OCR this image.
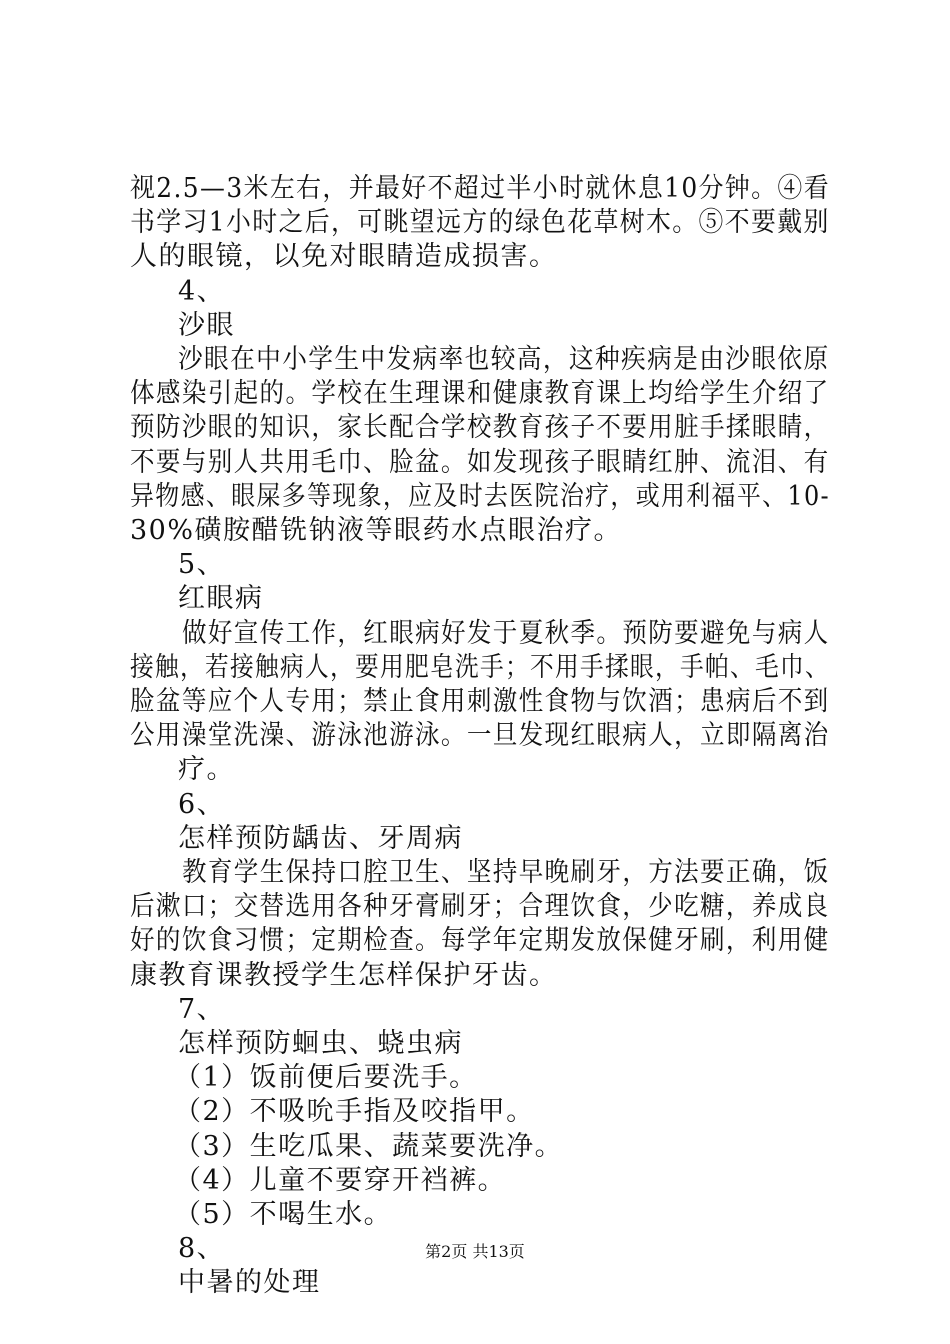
视2.5—3米左右，并最好不超过半小时就休息10分钟。④看
书学习1小时之后，可眺望远方的绿色花草树木。⑤不要戴别
人的眼镜，以免对眼睛造成损害。
4、
沙眼
沙眼在中小学生中发病率也较高，这种疾病是由沙眼依原
体感染引起的。学校在生理课和健康教育课上均给学生介绍了
预防沙眼的知识，家长配合学校教育孩子不要用脏手揉眼睛，
不要与别人共用毛巾、脸盆。如发现孩子眼睛红肿、流泪、有
异物感、眼屎多等现象，应及时去医院治疗，或用利福平、10-
30%磺胺醋铣钠液等眼药水点眼治疗。
5、
红眼病
做好宣传工作，红眼病好发于夏秋季。预防要避免与病人
接触，若接触病人，要用肥皂洗手；不用手揉眼，手帕、毛巾、
脸盆等应个人专用；禁止食用刺激性食物与饮酒；患病后不到
公用澡堂洗澡、游泳池游泳。一旦发现红眼病人，立即隔离治
疗。
6、
怎样预防龋齿、牙周病
教育学生保持口腔卫生、坚持早晚刷牙，方法要正确，饭
后漱口；交替选用各种牙膏刷牙；合理饮食，少吃糖，养成良
好的饮食习惯；定期检查。每学年定期发放保健牙刷，利用健
康教育课教授学生怎样保护牙齿。
7、
怎样预防蛔虫、蛲虫病
（1）饭前便后要洗手。
（2）不吸吮手指及咬指甲。
（3）生吃瓜果、蔬菜要洗净。
（4）儿童不要穿开裆裤。
（5）不喝生水。
8、
中暑的处理
第2页 共13页
